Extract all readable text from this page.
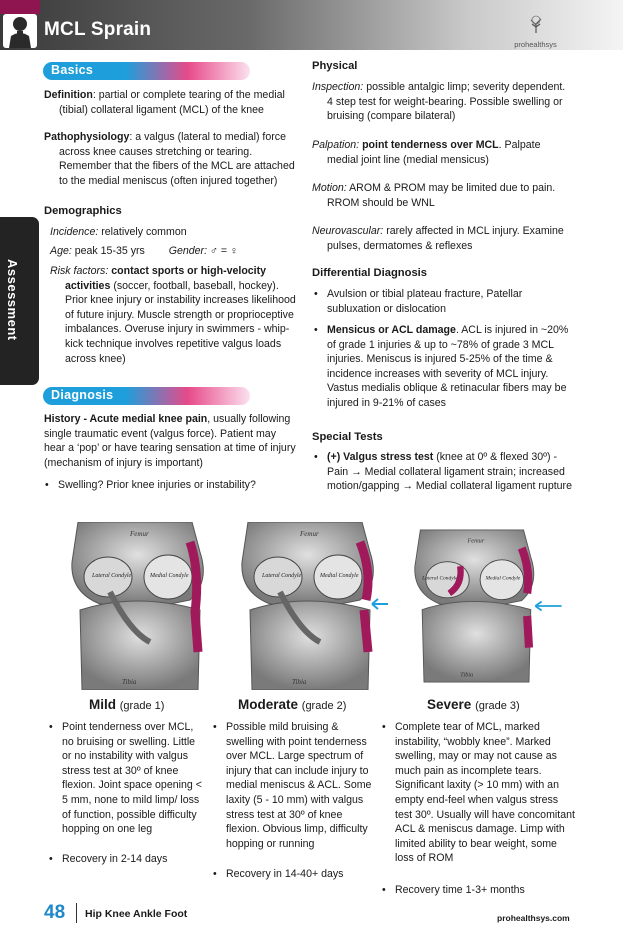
MCL Sprain
prohealthsys
Assessment
Basics
Definition: partial or complete tearing of the medial (tibial) collateral ligament (MCL) of the knee
Pathophysiology: a valgus (lateral to medial) force across knee causes stretching or tearing. Remember that the fibers of the MCL are attached to the medial meniscus (often injured together)
Demographics
Incidence: relatively common
Age: peak 15-35 yrs Gender: ♂ = ♀
Risk factors: contact sports or high-velocity activities (soccer, football, baseball, hockey). Prior knee injury or instability increases likelihood of future injury. Muscle strength or proprioceptive imbalances. Overuse injury in swimmers - whip-kick technique involves repetitive valgus loads across knee)
Diagnosis
History - Acute medial knee pain, usually following single traumatic event (valgus force). Patient may hear a ‘pop’ or have tearing sensation at time of injury (mechanism of injury is important)
• Swelling? Prior knee injuries or instability?
Physical
Inspection: possible antalgic limp; severity dependent. 4 step test for weight-bearing. Possible swelling or bruising (compare bilateral)
Palpation: point tenderness over MCL. Palpate medial joint line (medial mensicus)
Motion: AROM & PROM may be limited due to pain. RROM should be WNL
Neurovascular: rarely affected in MCL injury. Examine pulses, dermatomes & reflexes
Differential Diagnosis
• Avulsion or tibial plateau fracture, Patellar subluxation or dislocation
• Mensicus or ACL damage. ACL is injured in ~20% of grade 1 injuries & up to ~78% of grade 3 MCL injuries. Meniscus is injured 5-25% of the time & incidence increases with severity of MCL injury. Vastus medialis oblique & retinacular fibers may be injured in 9-21% of cases
Special Tests
• (+) Valgus stress test (knee at 0º & flexed 30º) - Pain → Medial collateral ligament strain; increased motion/gapping → Medial collateral ligament rupture
Femur
Lateral Condyle	Medial Condyle
Tibia
Femur
Lateral Condyle	Medial Condyle
Tibia
Femur
Lateral Condyle	Medial Condyle
Tibia
Mild (grade 1)
• Point tenderness over MCL, no bruising or swelling. Little or no instability with valgus stress test at 30º of knee flexion. Joint space opening < 5 mm, none to mild limp/ loss of function, possible difficulty hopping on one leg
• Recovery in 2-14 days
Moderate (grade 2)
• Possible mild bruising & swelling with point tenderness over MCL. Large spectrum of injury that can include injury to medial meniscus & ACL. Some laxity (5 - 10 mm) with valgus stress test at 30º of knee flexion. Obvious limp, difficulty hopping or running
• Recovery in 14-40+ days
Severe (grade 3)
• Complete tear of MCL, marked instability, “wobbly knee”. Marked swelling, may or may not cause as much pain as incomplete tears. Significant laxity (> 10 mm) with an empty end-feel when valgus stress test 30º. Usually will have concomitant ACL & meniscus damage. Limp with limited ability to bear weight, some loss of ROM
• Recovery time 1-3+ months
48 Hip Knee Ankle Foot	prohealthsys.com
